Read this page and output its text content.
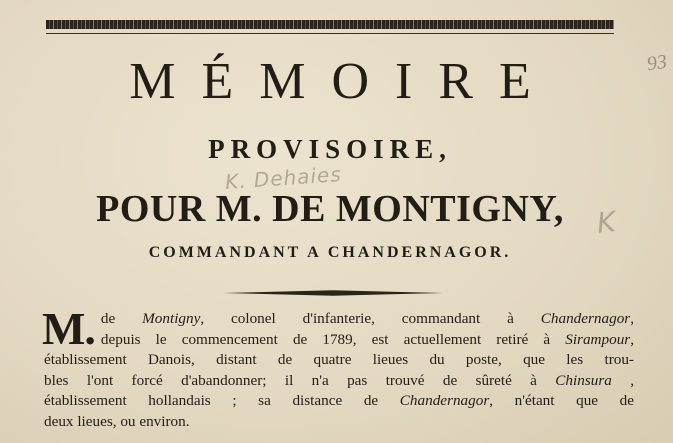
93
MÉMOIRE
PROVISOIRE,
K. Dehaies
POUR M. DE MONTIGNY,	K
COMMANDANT A CHANDERNAGOR.
M. de Montigny, colonel d'infanterie, commandant à Chandernagor,
depuis le commencement de 1789, est actuellement retiré à Sirampour,
établissement Danois, distant de quatre lieues du poste, que les trou-
bles l'ont forcé d'abandonner; il n'a pas trouvé de sûreté à Chinsura ,
établissement hollandais ; sa distance de Chandernagor, n'étant que de
deux lieues, ou environ.
